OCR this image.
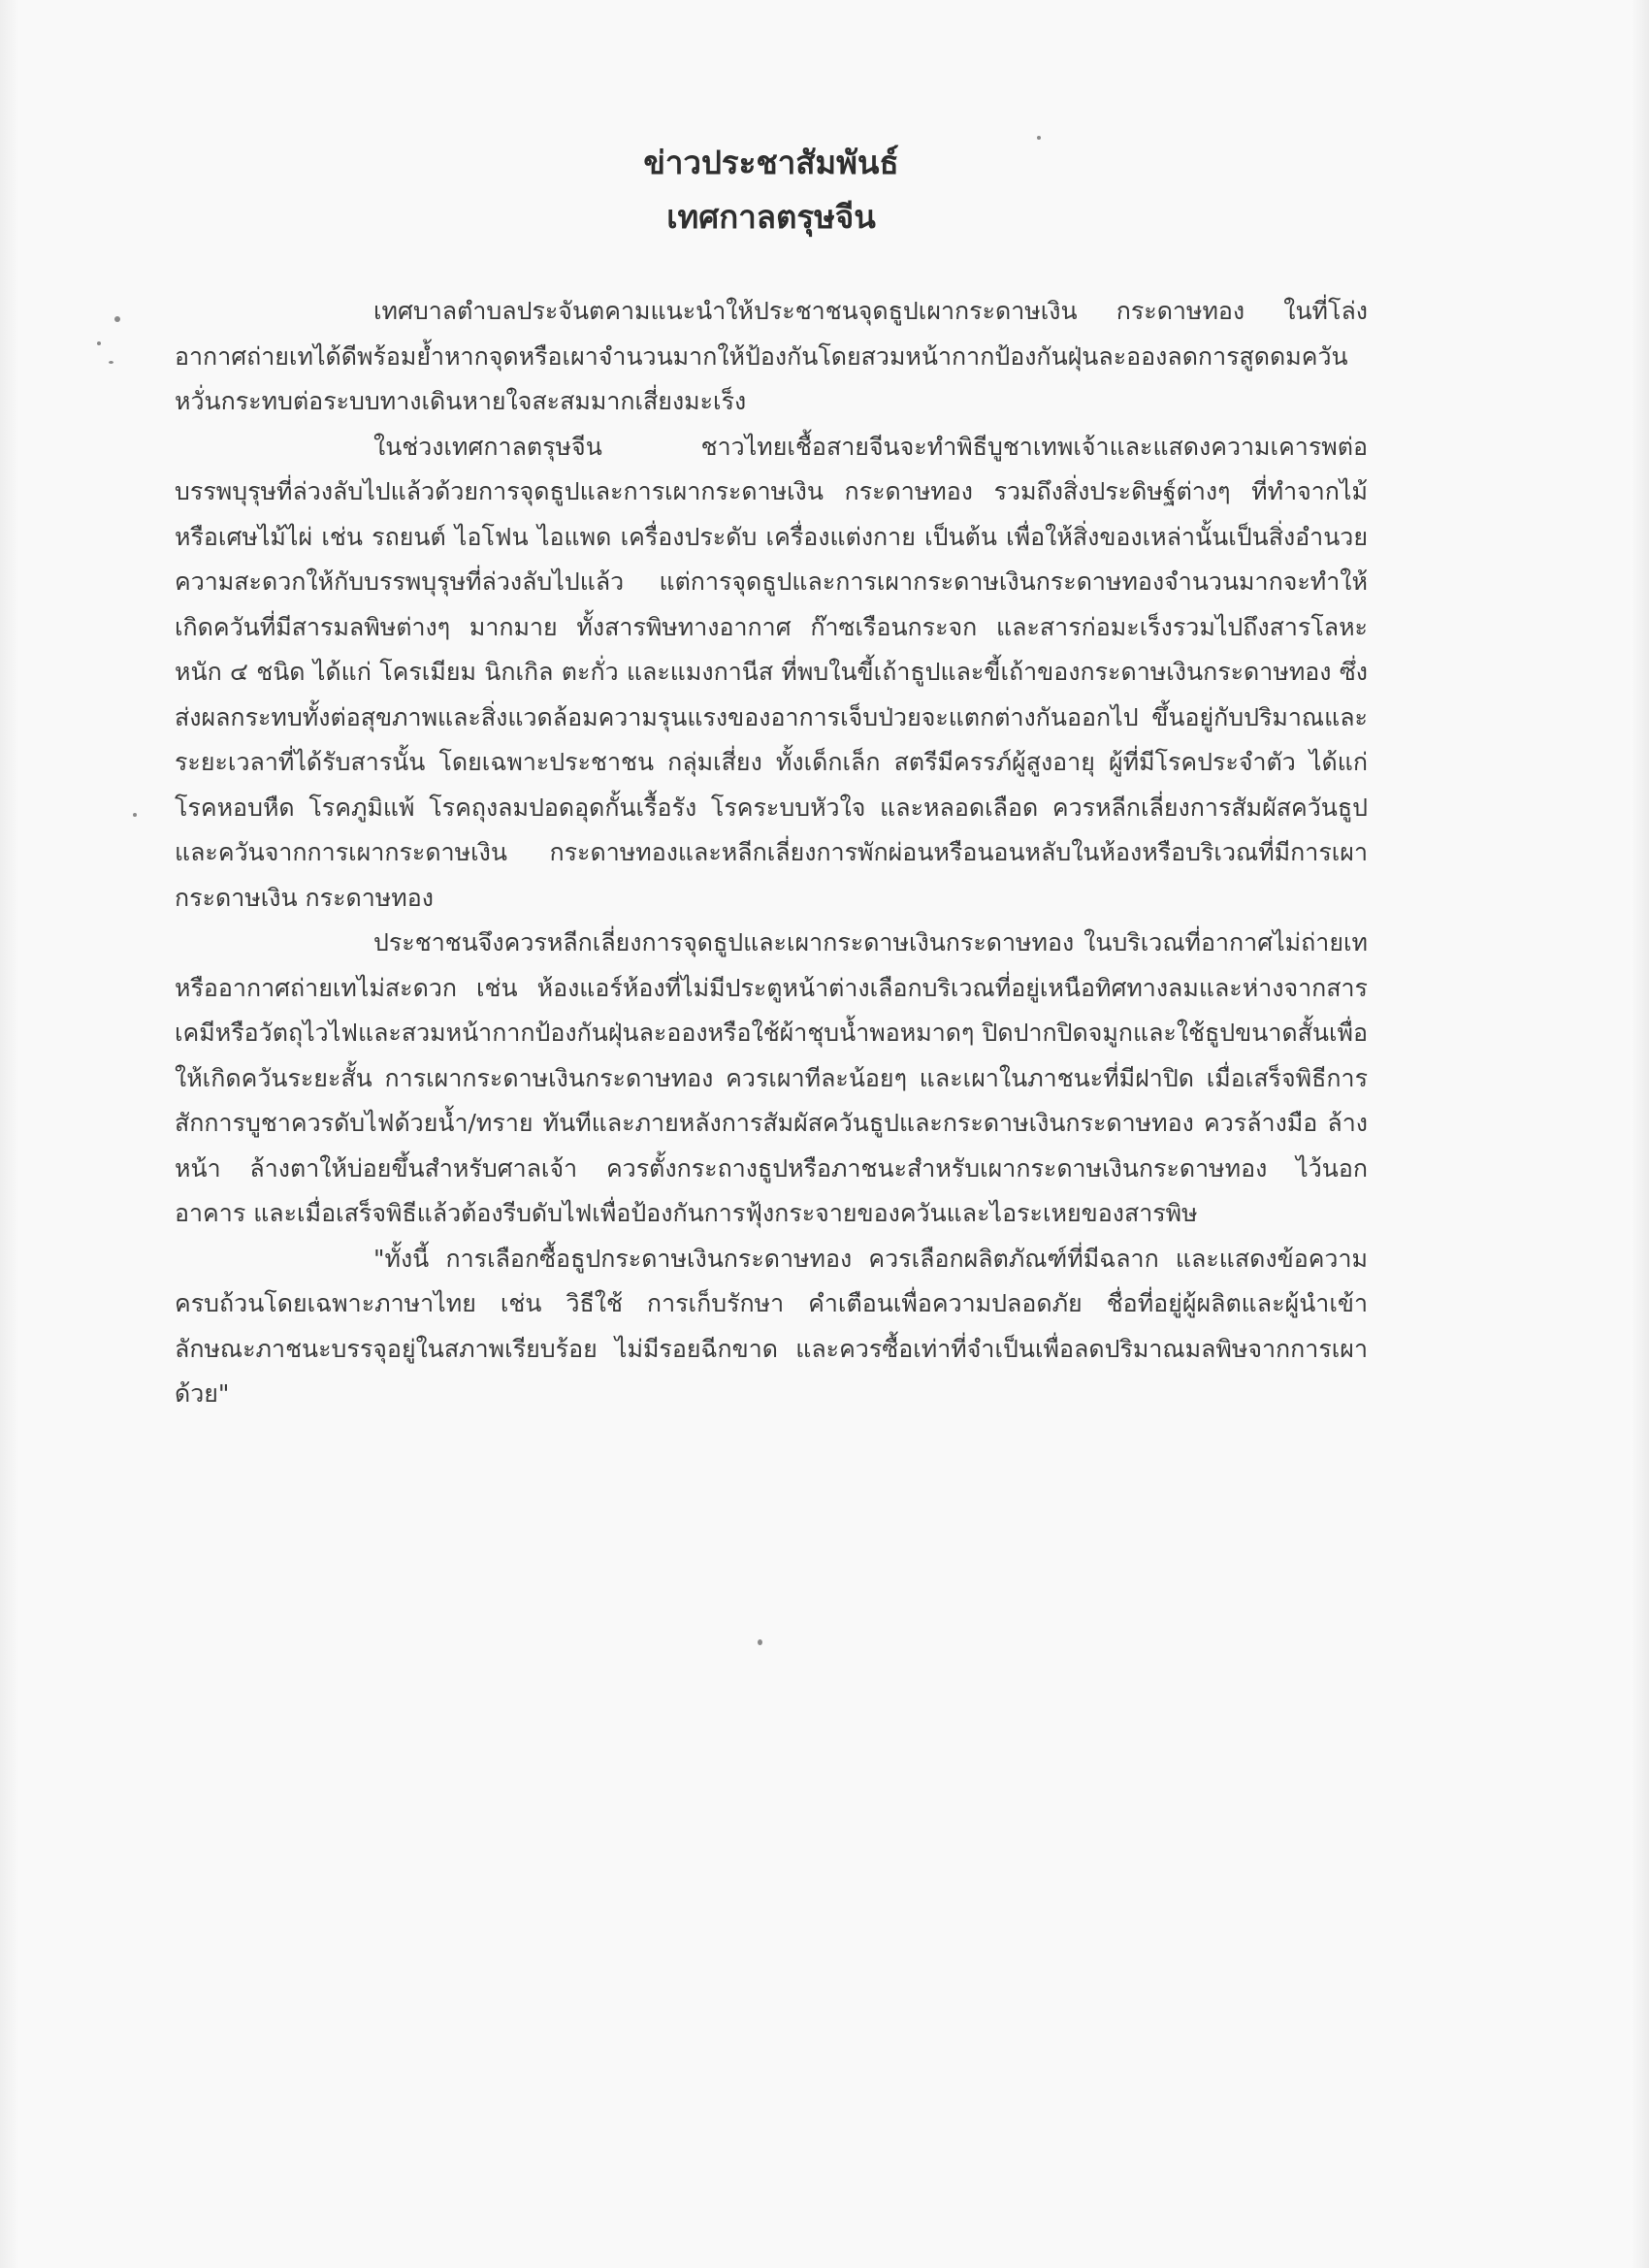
ข่าวประชาสัมพันธ์
เทศกาลตรุษจีน

เทศบาลตำบลประจันตคามแนะนำให้ประชาชนจุดธูปเผากระดาษเงิน กระดาษทอง ในที่โล่งอากาศถ่ายเทได้ดีพร้อมย้ำหากจุดหรือเผาจำนวนมากให้ป้องกันโดยสวมหน้ากากป้องกันฝุ่นละอองลดการสูดดมควันหวั่นกระทบต่อระบบทางเดินหายใจสะสมมากเสี่ยงมะเร็ง

ในช่วงเทศกาลตรุษจีน ชาวไทยเชื้อสายจีนจะทำพิธีบูชาเทพเจ้าและแสดงความเคารพต่อบรรพบุรุษที่ล่วงลับไปแล้วด้วยการจุดธูปและการเผากระดาษเงิน กระดาษทอง รวมถึงสิ่งประดิษฐ์ต่างๆ ที่ทำจากไม้หรือเศษไม้ไผ่ เช่น รถยนต์ ไอโฟน ไอแพด เครื่องประดับ เครื่องแต่งกาย เป็นต้น เพื่อให้สิ่งของเหล่านั้นเป็นสิ่งอำนวยความสะดวกให้กับบรรพบุรุษที่ล่วงลับไปแล้ว แต่การจุดธูปและการเผากระดาษเงินกระดาษทองจำนวนมากจะทำให้เกิดควันที่มีสารมลพิษต่างๆ มากมาย ทั้งสารพิษทางอากาศ ก๊าซเรือนกระจก และสารก่อมะเร็งรวมไปถึงสารโลหะหนัก ๔ ชนิด ได้แก่ โครเมียม นิกเกิล ตะกั่ว และแมงกานีส ที่พบในขี้เถ้าธูปและขี้เถ้าของกระดาษเงินกระดาษทอง ซึ่งส่งผลกระทบทั้งต่อสุขภาพและสิ่งแวดล้อมความรุนแรงของอาการเจ็บป่วยจะแตกต่างกันออกไป ขึ้นอยู่กับปริมาณและระยะเวลาที่ได้รับสารนั้น โดยเฉพาะประชาชน กลุ่มเสี่ยง ทั้งเด็กเล็ก สตรีมีครรภ์ผู้สูงอายุ ผู้ที่มีโรคประจำตัว ได้แก่ โรคหอบหืด โรคภูมิแพ้ โรคถุงลมปอดอุดกั้นเรื้อรัง โรคระบบหัวใจ และหลอดเลือด ควรหลีกเลี่ยงการสัมผัสควันธูปและควันจากการเผากระดาษเงิน กระดาษทองและหลีกเลี่ยงการพักผ่อนหรือนอนหลับในห้องหรือบริเวณที่มีการเผากระดาษเงิน กระดาษทอง

ประชาชนจึงควรหลีกเลี่ยงการจุดธูปและเผากระดาษเงินกระดาษทอง ในบริเวณที่อากาศไม่ถ่ายเทหรืออากาศถ่ายเทไม่สะดวก เช่น ห้องแอร์ห้องที่ไม่มีประตูหน้าต่างเลือกบริเวณที่อยู่เหนือทิศทางลมและห่างจากสารเคมีหรือวัตถุไวไฟและสวมหน้ากากป้องกันฝุ่นละอองหรือใช้ผ้าชุบน้ำพอหมาดๆ ปิดปากปิดจมูกและใช้ธูปขนาดสั้นเพื่อให้เกิดควันระยะสั้น การเผากระดาษเงินกระดาษทอง ควรเผาทีละน้อยๆ และเผาในภาชนะที่มีฝาปิด เมื่อเสร็จพิธีการสักการบูชาควรดับไฟด้วยน้ำ/ทราย ทันทีและภายหลังการสัมผัสควันธูปและกระดาษเงินกระดาษทอง ควรล้างมือ ล้างหน้า ล้างตาให้บ่อยขึ้นสำหรับศาลเจ้า ควรตั้งกระถางธูปหรือภาชนะสำหรับเผากระดาษเงินกระดาษทอง ไว้นอกอาคาร และเมื่อเสร็จพิธีแล้วต้องรีบดับไฟเพื่อป้องกันการฟุ้งกระจายของควันและไอระเหยของสารพิษ

"ทั้งนี้ การเลือกซื้อธูปกระดาษเงินกระดาษทอง ควรเลือกผลิตภัณฑ์ที่มีฉลาก และแสดงข้อความครบถ้วนโดยเฉพาะภาษาไทย เช่น วิธีใช้ การเก็บรักษา คำเตือนเพื่อความปลอดภัย ชื่อที่อยู่ผู้ผลิตและผู้นำเข้า ลักษณะภาชนะบรรจุอยู่ในสภาพเรียบร้อย ไม่มีรอยฉีกขาด และควรซื้อเท่าที่จำเป็นเพื่อลดปริมาณมลพิษจากการเผาด้วย"
